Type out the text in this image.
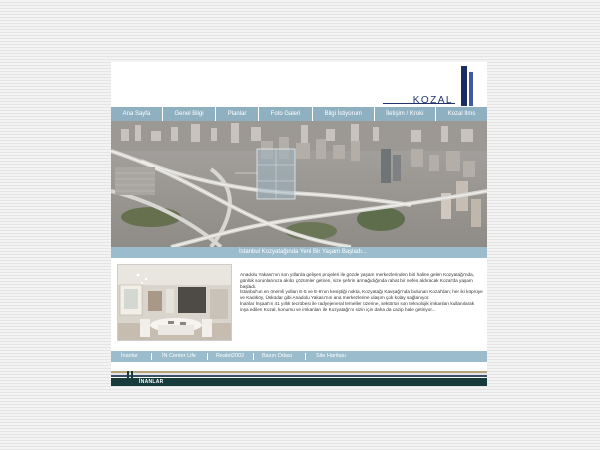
KOZAL
Ana Sayfa	Genel Bilgi	Planlar	Foto Galeri	Bilgi İstiyorum	İletişim / Kroki	Kozal Ilms
İstanbul Kozyatağında Yeni Bir Yaşam Başladı...

Anadolu Yakası'nın son yıllarda gelişen projeleri ile gözde yaşam merkezlerinden biri haline gelen Kozyatağı'nda, günlük sorunlarınıza akılcı çözümler getiren, size şehrin armağıdığında rahat bir nefes aldıracak Kozal'da yaşam başladı.

İstanbul'un en önemli yolları E-5 ve E-6'nın kesiştiği nokta, Kozyatağı Kavşağı'nda bulunan Kozal'dan; her iki köprüye ve Kadıköy, Üsküdar gibi Anadolu Yakası'nın ana merkezlerine ulaşım çok kolay sağlanıyor.

İnanlar İnşaat'ın 41 yıllık tecrübesi ile radyejeneral temeller üzerine, sektörün son teknolojik imkanları kullanılarak inşa edilen Kozal, konumu ve imkanları ile Kozyatağı'nı sizin için daha da cazip hale getiriyor...

İnanlar	İN Center Life	Realet2002	Basın Odası	Site Haritası
İNANLAR
